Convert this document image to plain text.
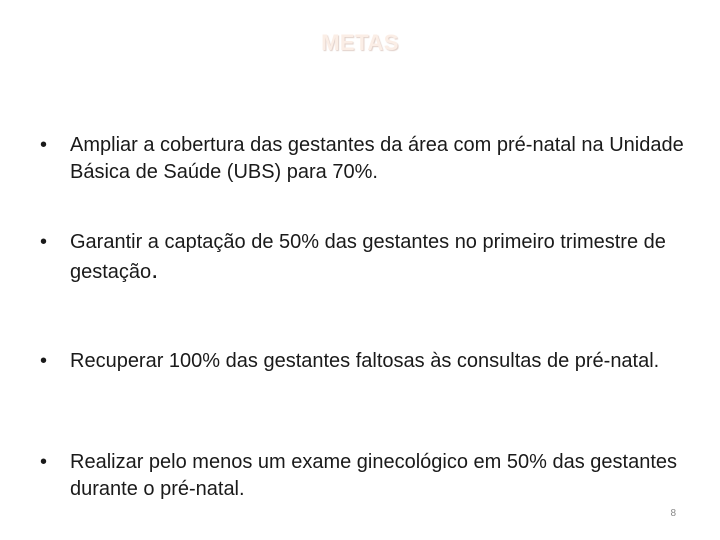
METAS
• Ampliar a cobertura das gestantes da área com pré-natal na Unidade Básica de Saúde (UBS) para 70%.
• Garantir a captação de 50% das gestantes no primeiro trimestre de gestação.
• Recuperar 100% das gestantes faltosas às consultas de pré-natal.
• Realizar pelo menos um exame ginecológico em 50% das gestantes durante o pré-natal.
8
